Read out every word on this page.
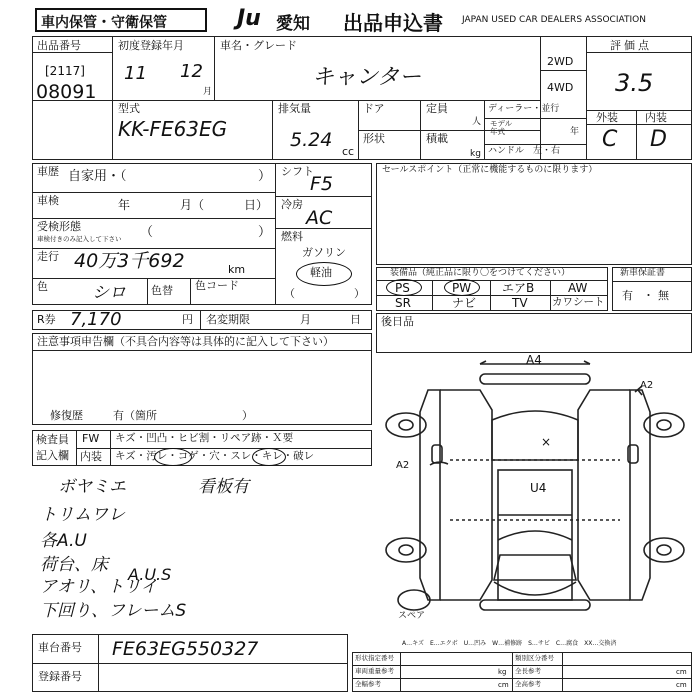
車内保管・守衛保管	Ju 愛知 出品申込書 JAPAN USED CAR DEALERS ASSOCIATION
出品番号
[2117]
08091
初度登録年月
11 12
月
車名・グレード
キャンター
2WD
4WD
評価点
3.5
型式
KK-FE63EG
排気量
5.24
cc
ドア
形状
定員
人
積載
kg
ディーラー・並行
モデル
年式	年
ハンドル　左・右
外装 内装
C D
車歴 自家用・（	）
車検	年	月（	日）
受検形態
車検付きのみ記入して下さい （	）
走行 40万3千692	km
色	シロ 色替 色コード
シフト
F5
冷房
AC
燃料
ガソリン
軽油
（	）
セールスポイント（正常に機能するものに限ります）
装備品（純正品に限り〇をつけてください）
PS	PW	エアB	AW
SR	ナビ	TV カワシート
新車保証書
有 ・ 無
R券 7,170	円 名変期限	月	日 後日品
注意事項申告欄（不具合内容等は具体的に記入して下さい）
修復歴	有（箇所	）
検査員
記入欄
FW キズ・凹凸・ヒビ割・リペア跡・Ｘ要
内装 キズ・汚レ・コゲ・穴・スレ・キレ・破レ
ボヤミエ	看板有
トリムワレ
各A.U
荷台、床 A.U.S
アオリ、トリイ
下回り、フレームS
A4
A2
A2
×
U4
スペア
A…キズ　E…エクボ　U…凹み　W…補修跡　S…サビ　C…腐食　XX…交換済
車台番号 FE63EG550327
登録番号
形状指定番号	類別区分番号
車両重量参考	kg 全長参考	cm
全幅参考	cm 全高参考	cm
